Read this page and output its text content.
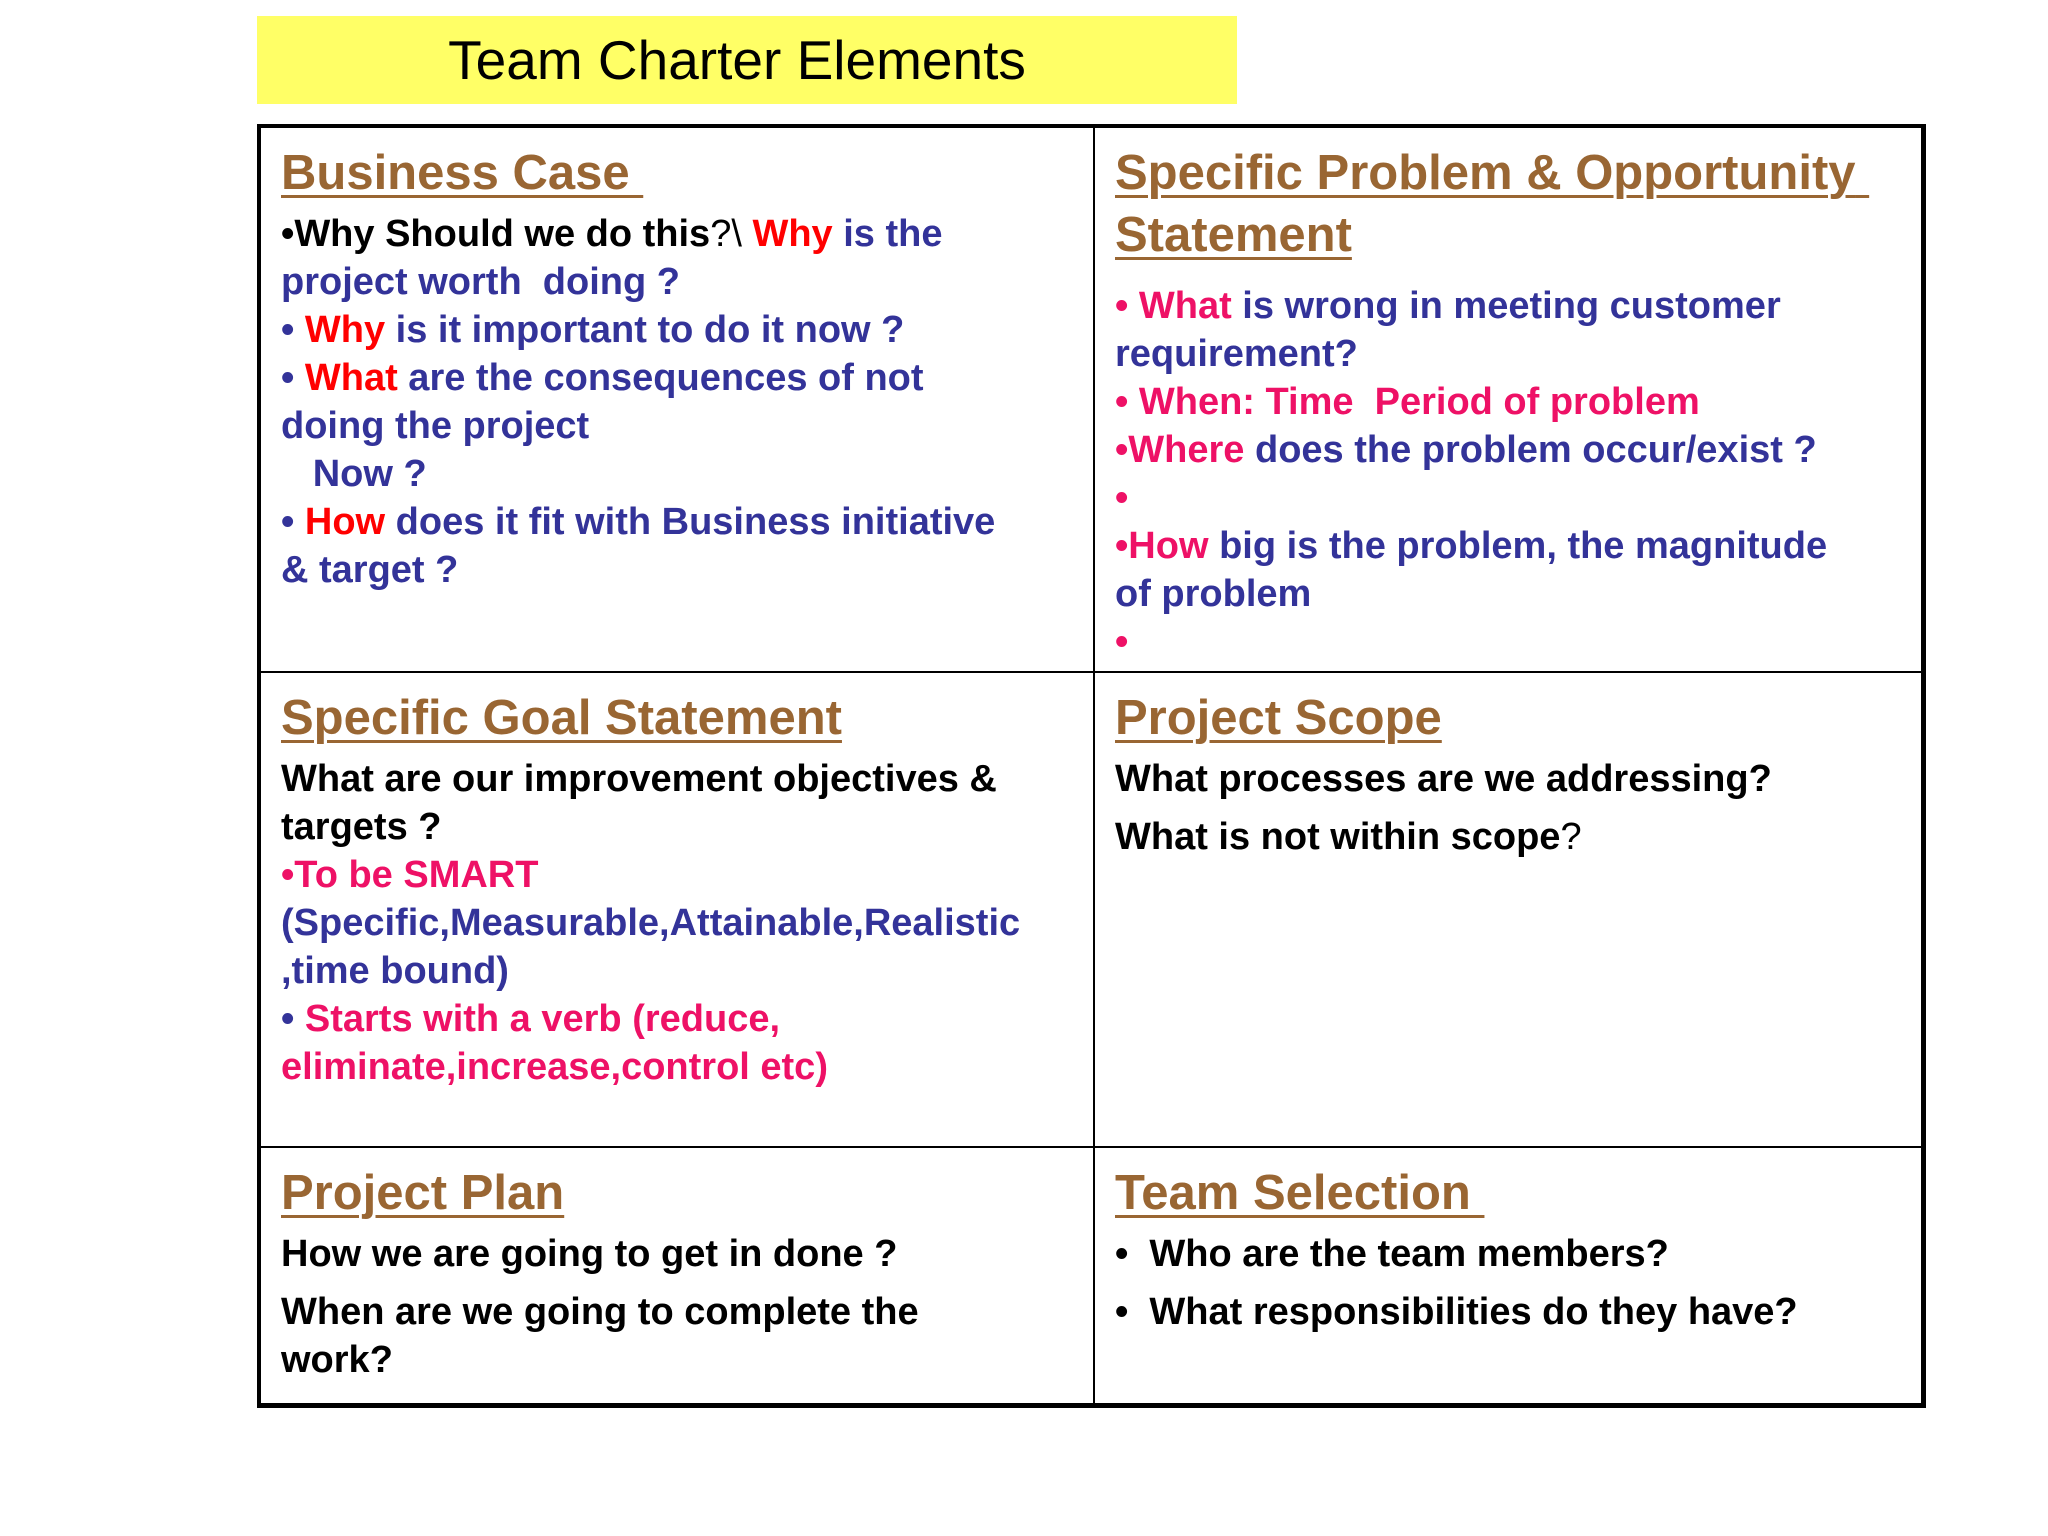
Team Charter Elements
Business Case
•Why Should we do this?\ Why is the
project worth  doing ?
• Why is it important to do it now ?
• What are the consequences of not
doing the project
Now ?
• How does it fit with Business initiative
& target ?
Specific Problem & Opportunity Statement
• What is wrong in meeting customer
requirement?
• When: Time  Period of problem
•Where does the problem occur/exist ?
•
•How big is the problem, the magnitude
of problem
•
Specific Goal Statement
What are our improvement objectives &
targets ?
•To be SMART
(Specific,Measurable,Attainable,Realistic
,time bound)
• Starts with a verb (reduce,
eliminate,increase,control etc)
Project Scope
What processes are we addressing?
What is not within scope?
Project Plan
How we are going to get in done ?
When are we going to complete the
work?
Team Selection
•  Who are the team members?
•  What responsibilities do they have?
